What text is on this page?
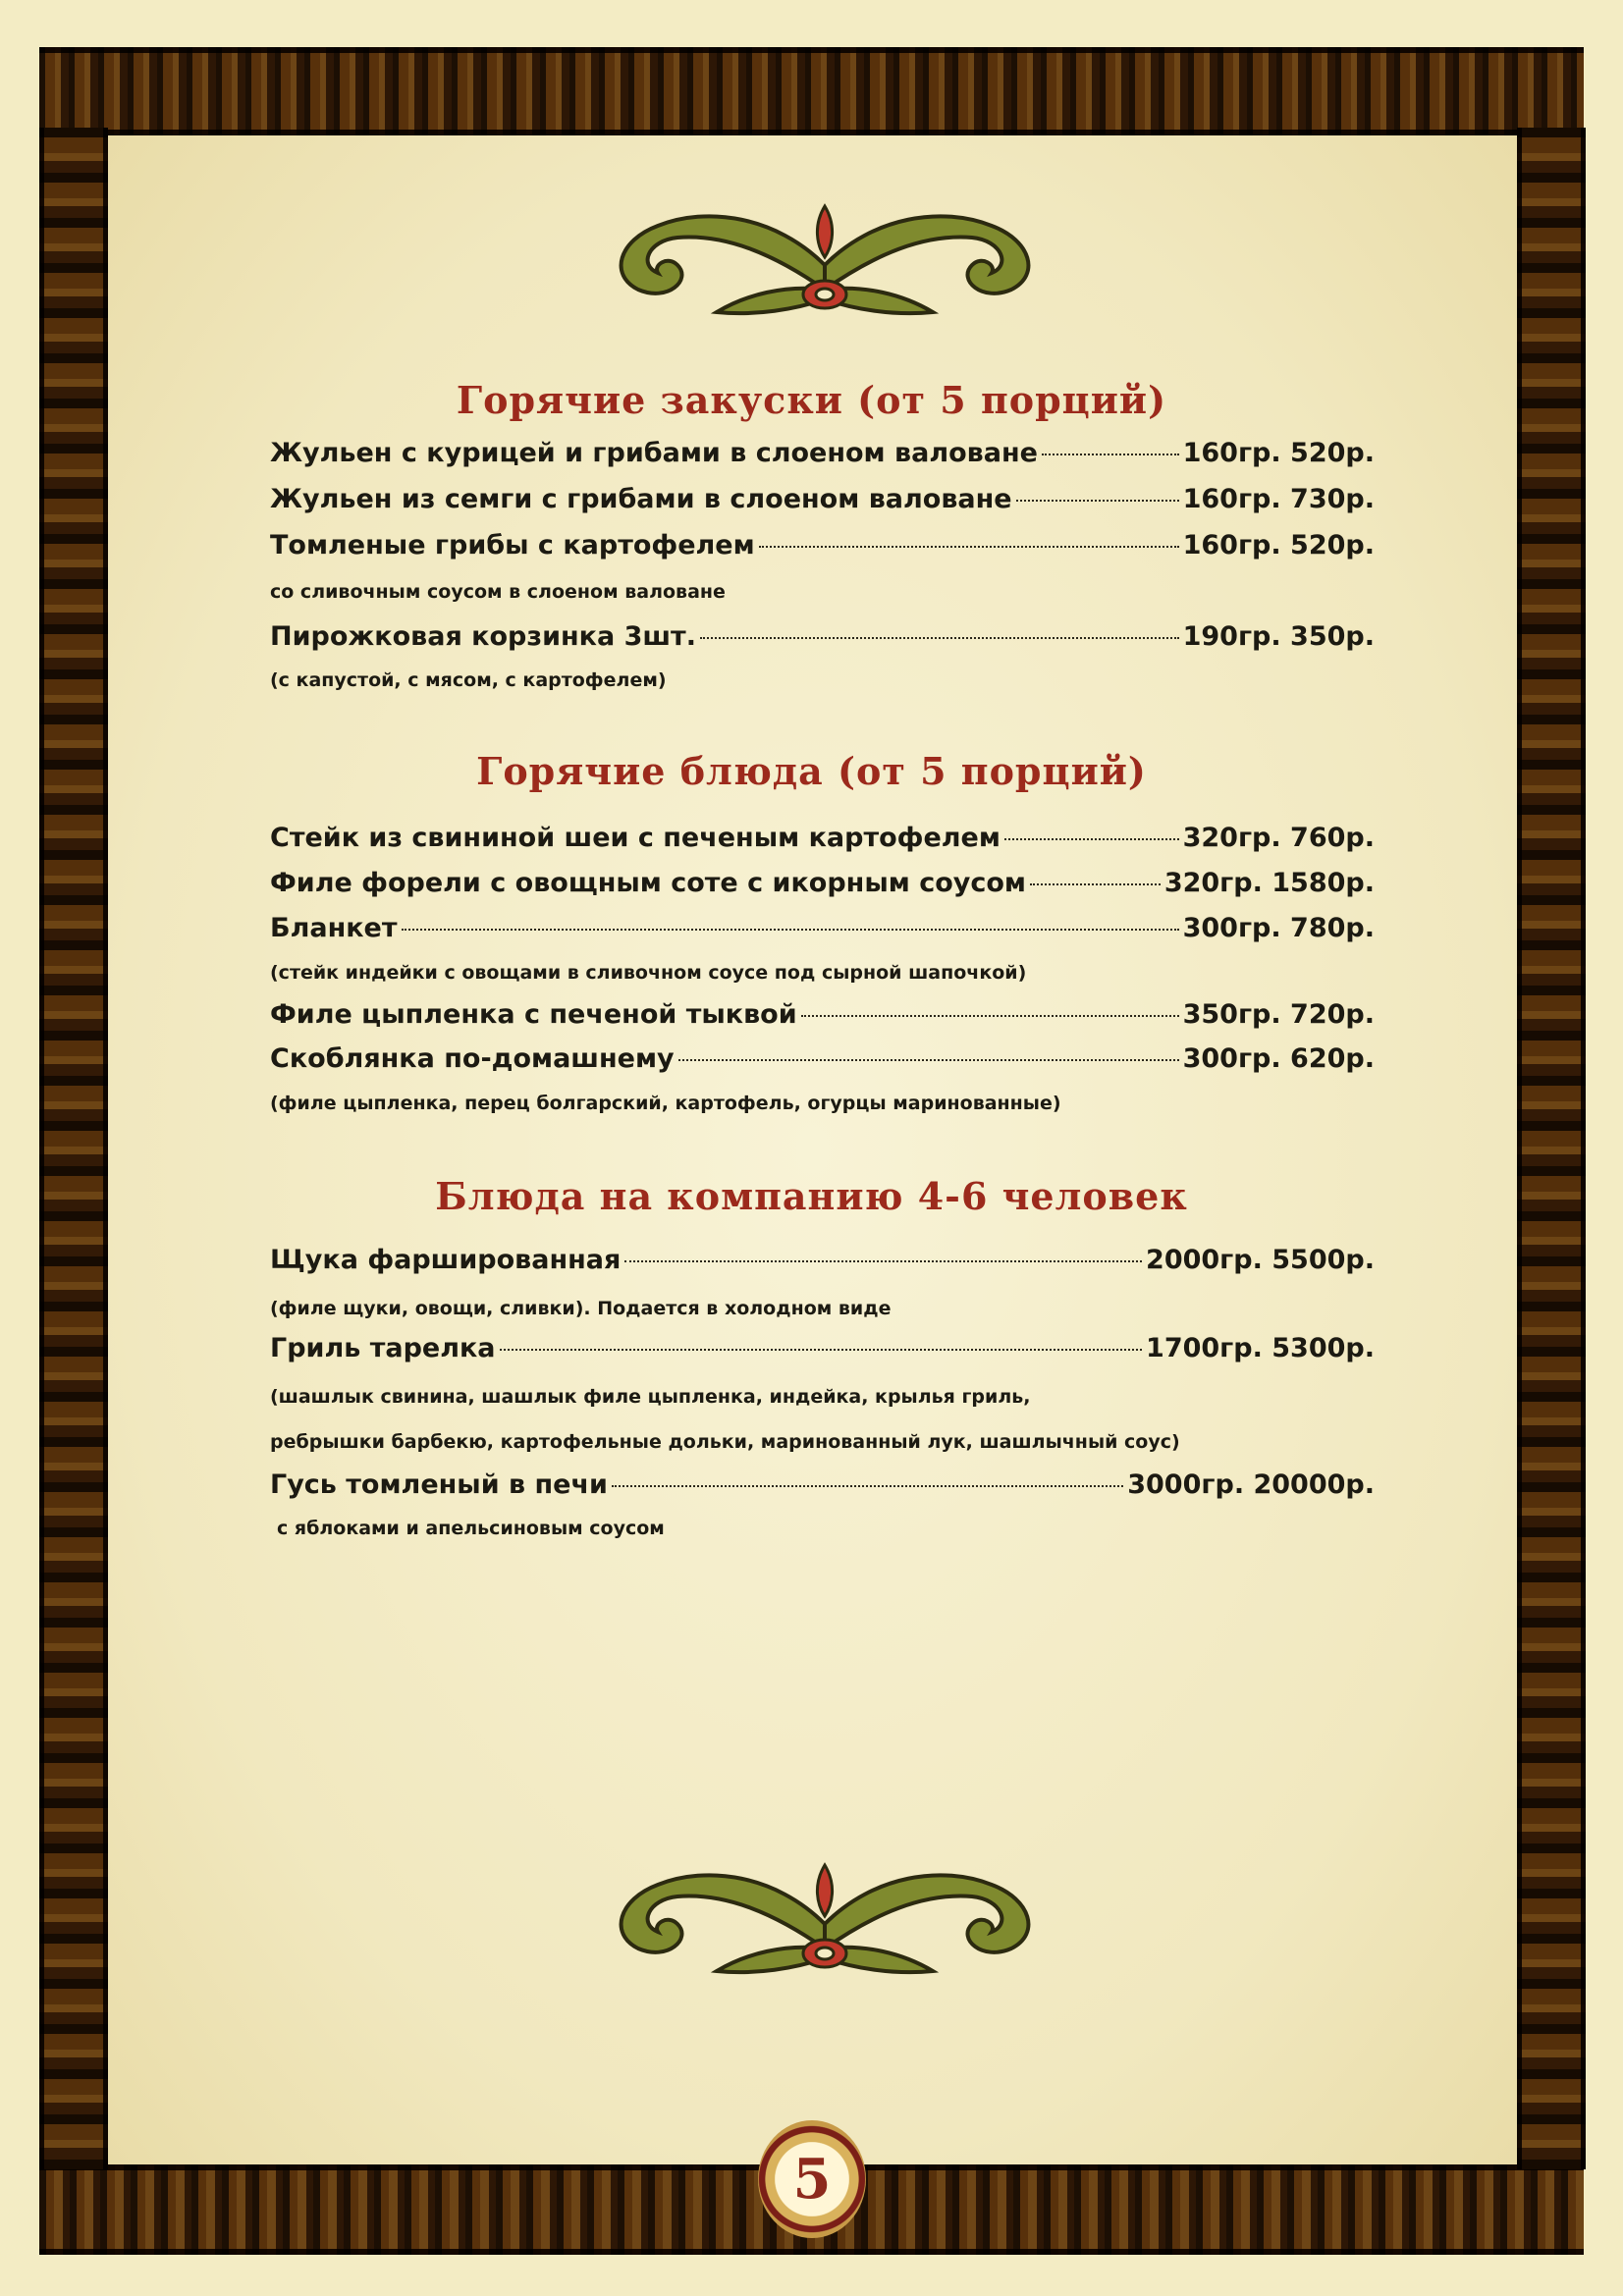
Горячие закуски (от 5 порций)
Жульен с курицей и грибами в слоеном валоване	160гр. 520р.
Жульен из семги с грибами в слоеном валоване	160гр. 730р.
Томленые грибы с картофелем	160гр. 520р.
со сливочным соусом в слоеном валоване
Пирожковая корзинка 3шт.	190гр. 350р.
(с капустой, с мясом, с картофелем)
Горячие блюда (от 5 порций)
Стейк из свининой шеи с печеным картофелем	320гр. 760р.
Филе форели с овощным соте с икорным соусом	320гр. 1580р.
Бланкет	300гр. 780р.
(стейк индейки с овощами в сливочном соусе под сырной шапочкой)
Филе цыпленка с печеной тыквой	350гр. 720р.
Скоблянка по-домашнему	300гр. 620р.
(филе цыпленка, перец болгарский, картофель, огурцы маринованные)
Блюда на компанию 4-6 человек
Щука фаршированная	2000гр. 5500р.
(филе щуки, овощи, сливки). Подается в холодном виде
Гриль тарелка	1700гр. 5300р.
(шашлык свинина, шашлык филе цыпленка, индейка, крылья гриль,
ребрышки барбекю, картофельные дольки, маринованный лук, шашлычный соус)
Гусь томленый в печи	3000гр. 20000р.
с яблоками и апельсиновым соусом
5
